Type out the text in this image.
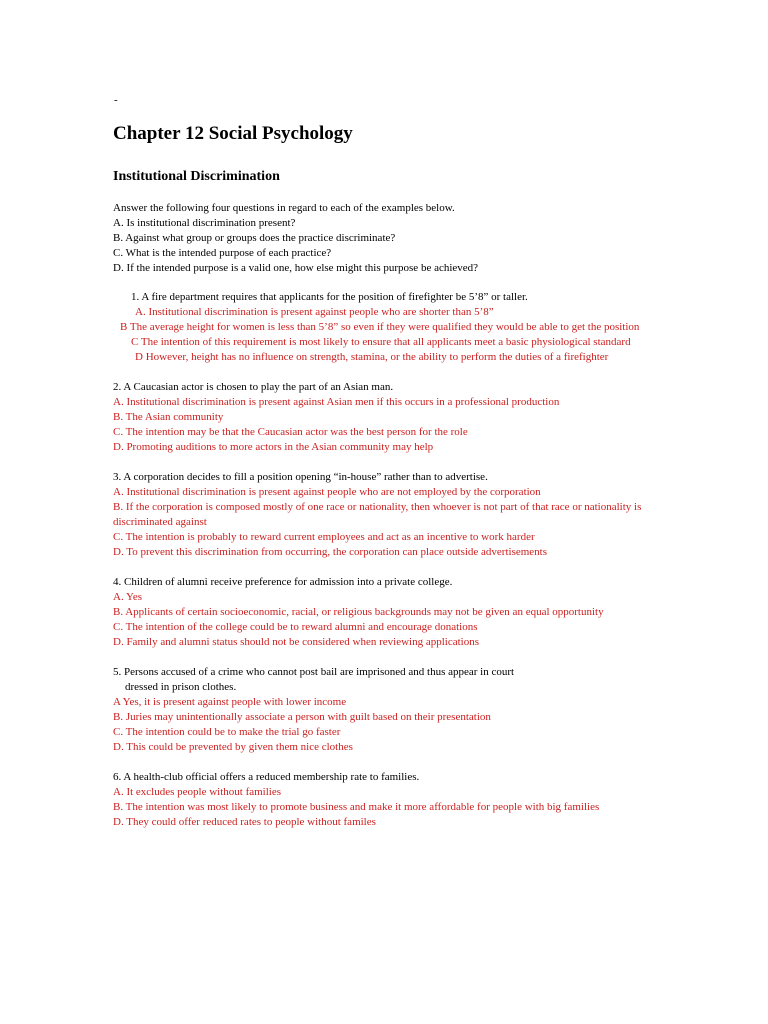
-
Chapter 12 Social Psychology
Institutional Discrimination

Answer the following four questions in regard to each of the examples below.

A. Is institutional discrimination present?

B. Against what group or groups does the practice discriminate?

C. What is the intended purpose of each practice?

D. If the intended purpose is a valid one, how else might this purpose be achieved?

1. A fire department requires that applicants for the position of firefighter be 5’8” or taller.

A. Institutional discrimination is present against people who are shorter than 5’8”

B The average height for women is less than 5’8” so even if they were qualified they would be able to get the position

C The intention of this requirement is most likely to ensure that all applicants meet a basic physiological standard

D However, height has no influence on strength, stamina, or the ability to perform the duties of a firefighter

2. A Caucasian actor is chosen to play the part of an Asian man.

A. Institutional discrimination is present against Asian men if this occurs in a professional production

B. The Asian community

C. The intention may be that the Caucasian actor was the best person for the role

D. Promoting auditions to more actors in the Asian community may help

3. A corporation decides to fill a position opening “in-house” rather than to advertise.

A. Institutional discrimination is present against people who are not employed by the corporation

B. If the corporation is composed mostly of one race or nationality, then whoever is not part of that race or nationality is discriminated against

C. The intention is probably to reward current employees and act as an incentive to work harder

D. To prevent this discrimination from occurring, the corporation can place outside advertisements

4. Children of alumni receive preference for admission into a private college.

A. Yes

B. Applicants of certain socioeconomic, racial, or religious backgrounds may not be given an equal opportunity

C. The intention of the college could be to reward alumni and encourage donations

D. Family and alumni status should not be considered when reviewing applications

5. Persons accused of a crime who cannot post bail are imprisoned and thus appear in court

dressed in prison clothes.

A Yes, it is present against people with lower income

B. Juries may unintentionally associate a person with guilt based on their presentation

C. The intention could be to make the trial go faster

D. This could be prevented by given them nice clothes

6. A health-club official offers a reduced membership rate to families.

A. It excludes people without families

B. The intention was most likely to promote business and make it more affordable for people with big families

D. They could offer reduced rates to people without familes
